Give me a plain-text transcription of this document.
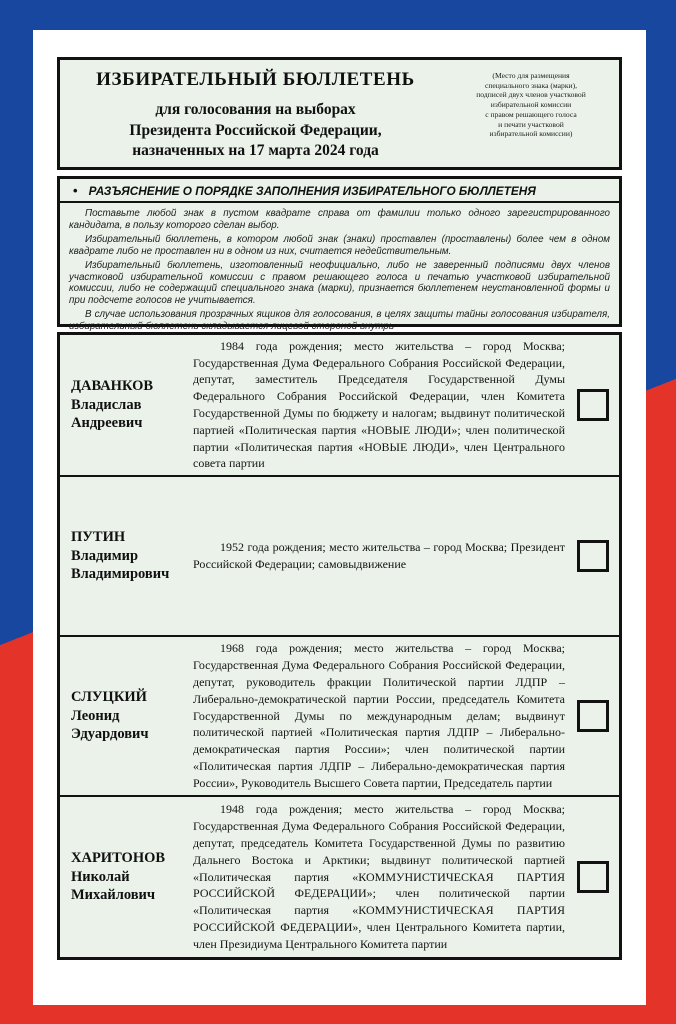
ИЗБИРАТЕЛЬНЫЙ БЮЛЛЕТЕНЬ
для голосования на выборах
Президента Российской Федерации,
назначенных на 17 марта 2024 года
(Место для размещения
специального знака (марки),
подписей двух членов участковой
избирательной комиссии
с правом решающего голоса
и печати участковой
избирательной комиссии)
• РАЗЪЯСНЕНИЕ О ПОРЯДКЕ ЗАПОЛНЕНИЯ ИЗБИРАТЕЛЬНОГО БЮЛЛЕТЕНЯ

Поставьте любой знак в пустом квадрате справа от фамилии только одного зарегистрированного кандидата, в пользу которого сделан выбор.

Избирательный бюллетень, в котором любой знак (знаки) проставлен (проставлены) более чем в одном квадрате либо не проставлен ни в одном из них, считается недействительным.

Избирательный бюллетень, изготовленный неофициально, либо не заверенный подписями двух членов участковой избирательной комиссии с правом решающего голоса и печатью участковой избирательной комиссии, либо не содержащий специального знака (марки), признается бюллетенем неустановленной формы и при подсчете голосов не учитывается.

В случае использования прозрачных ящиков для голосования, в целях защиты тайны голосования избирателя, избирательный бюллетень складывается лицевой стороной внутрь

ДАВАНКОВ
Владислав
Андреевич
1984 года рождения; место жительства – город Москва; Государственная Дума Федерального Собрания Российской Федерации, депутат, заместитель Председателя Государственной Думы Федерального Собрания Российской Федерации, член Комитета Государственной Думы по бюджету и налогам; выдвинут политической партией «Политическая партия «НОВЫЕ ЛЮДИ»; член политической партии «Политическая партия «НОВЫЕ ЛЮДИ», член Центрального совета партии
ПУТИН
Владимир
Владимирович
1952 года рождения; место жительства – город Москва; Президент Российской Федерации; самовыдвижение
СЛУЦКИЙ
Леонид
Эдуардович
1968 года рождения; место жительства – город Москва; Государственная Дума Федерального Собрания Российской Федерации, депутат, руководитель фракции Политической партии ЛДПР – Либерально-демократической партии России, председатель Комитета Государственной Думы по международным делам; выдвинут политической партией «Политическая партия ЛДПР – Либерально-демократическая партия России»; член политической партии «Политическая партия ЛДПР – Либерально-демократическая партия России», Руководитель Высшего Совета партии, Председатель партии
ХАРИТОНОВ
Николай
Михайлович
1948 года рождения; место жительства – город Москва; Государственная Дума Федерального Собрания Российской Федерации, депутат, председатель Комитета Государственной Думы по развитию Дальнего Востока и Арктики; выдвинут политической партией «Политическая партия «КОММУНИСТИЧЕСКАЯ ПАРТИЯ РОССИЙСКОЙ ФЕДЕРАЦИИ»; член политической партии «Политическая партия «КОММУНИСТИЧЕСКАЯ ПАРТИЯ РОССИЙСКОЙ ФЕДЕРАЦИИ», член Центрального Комитета партии, член Президиума Центрального Комитета партии
